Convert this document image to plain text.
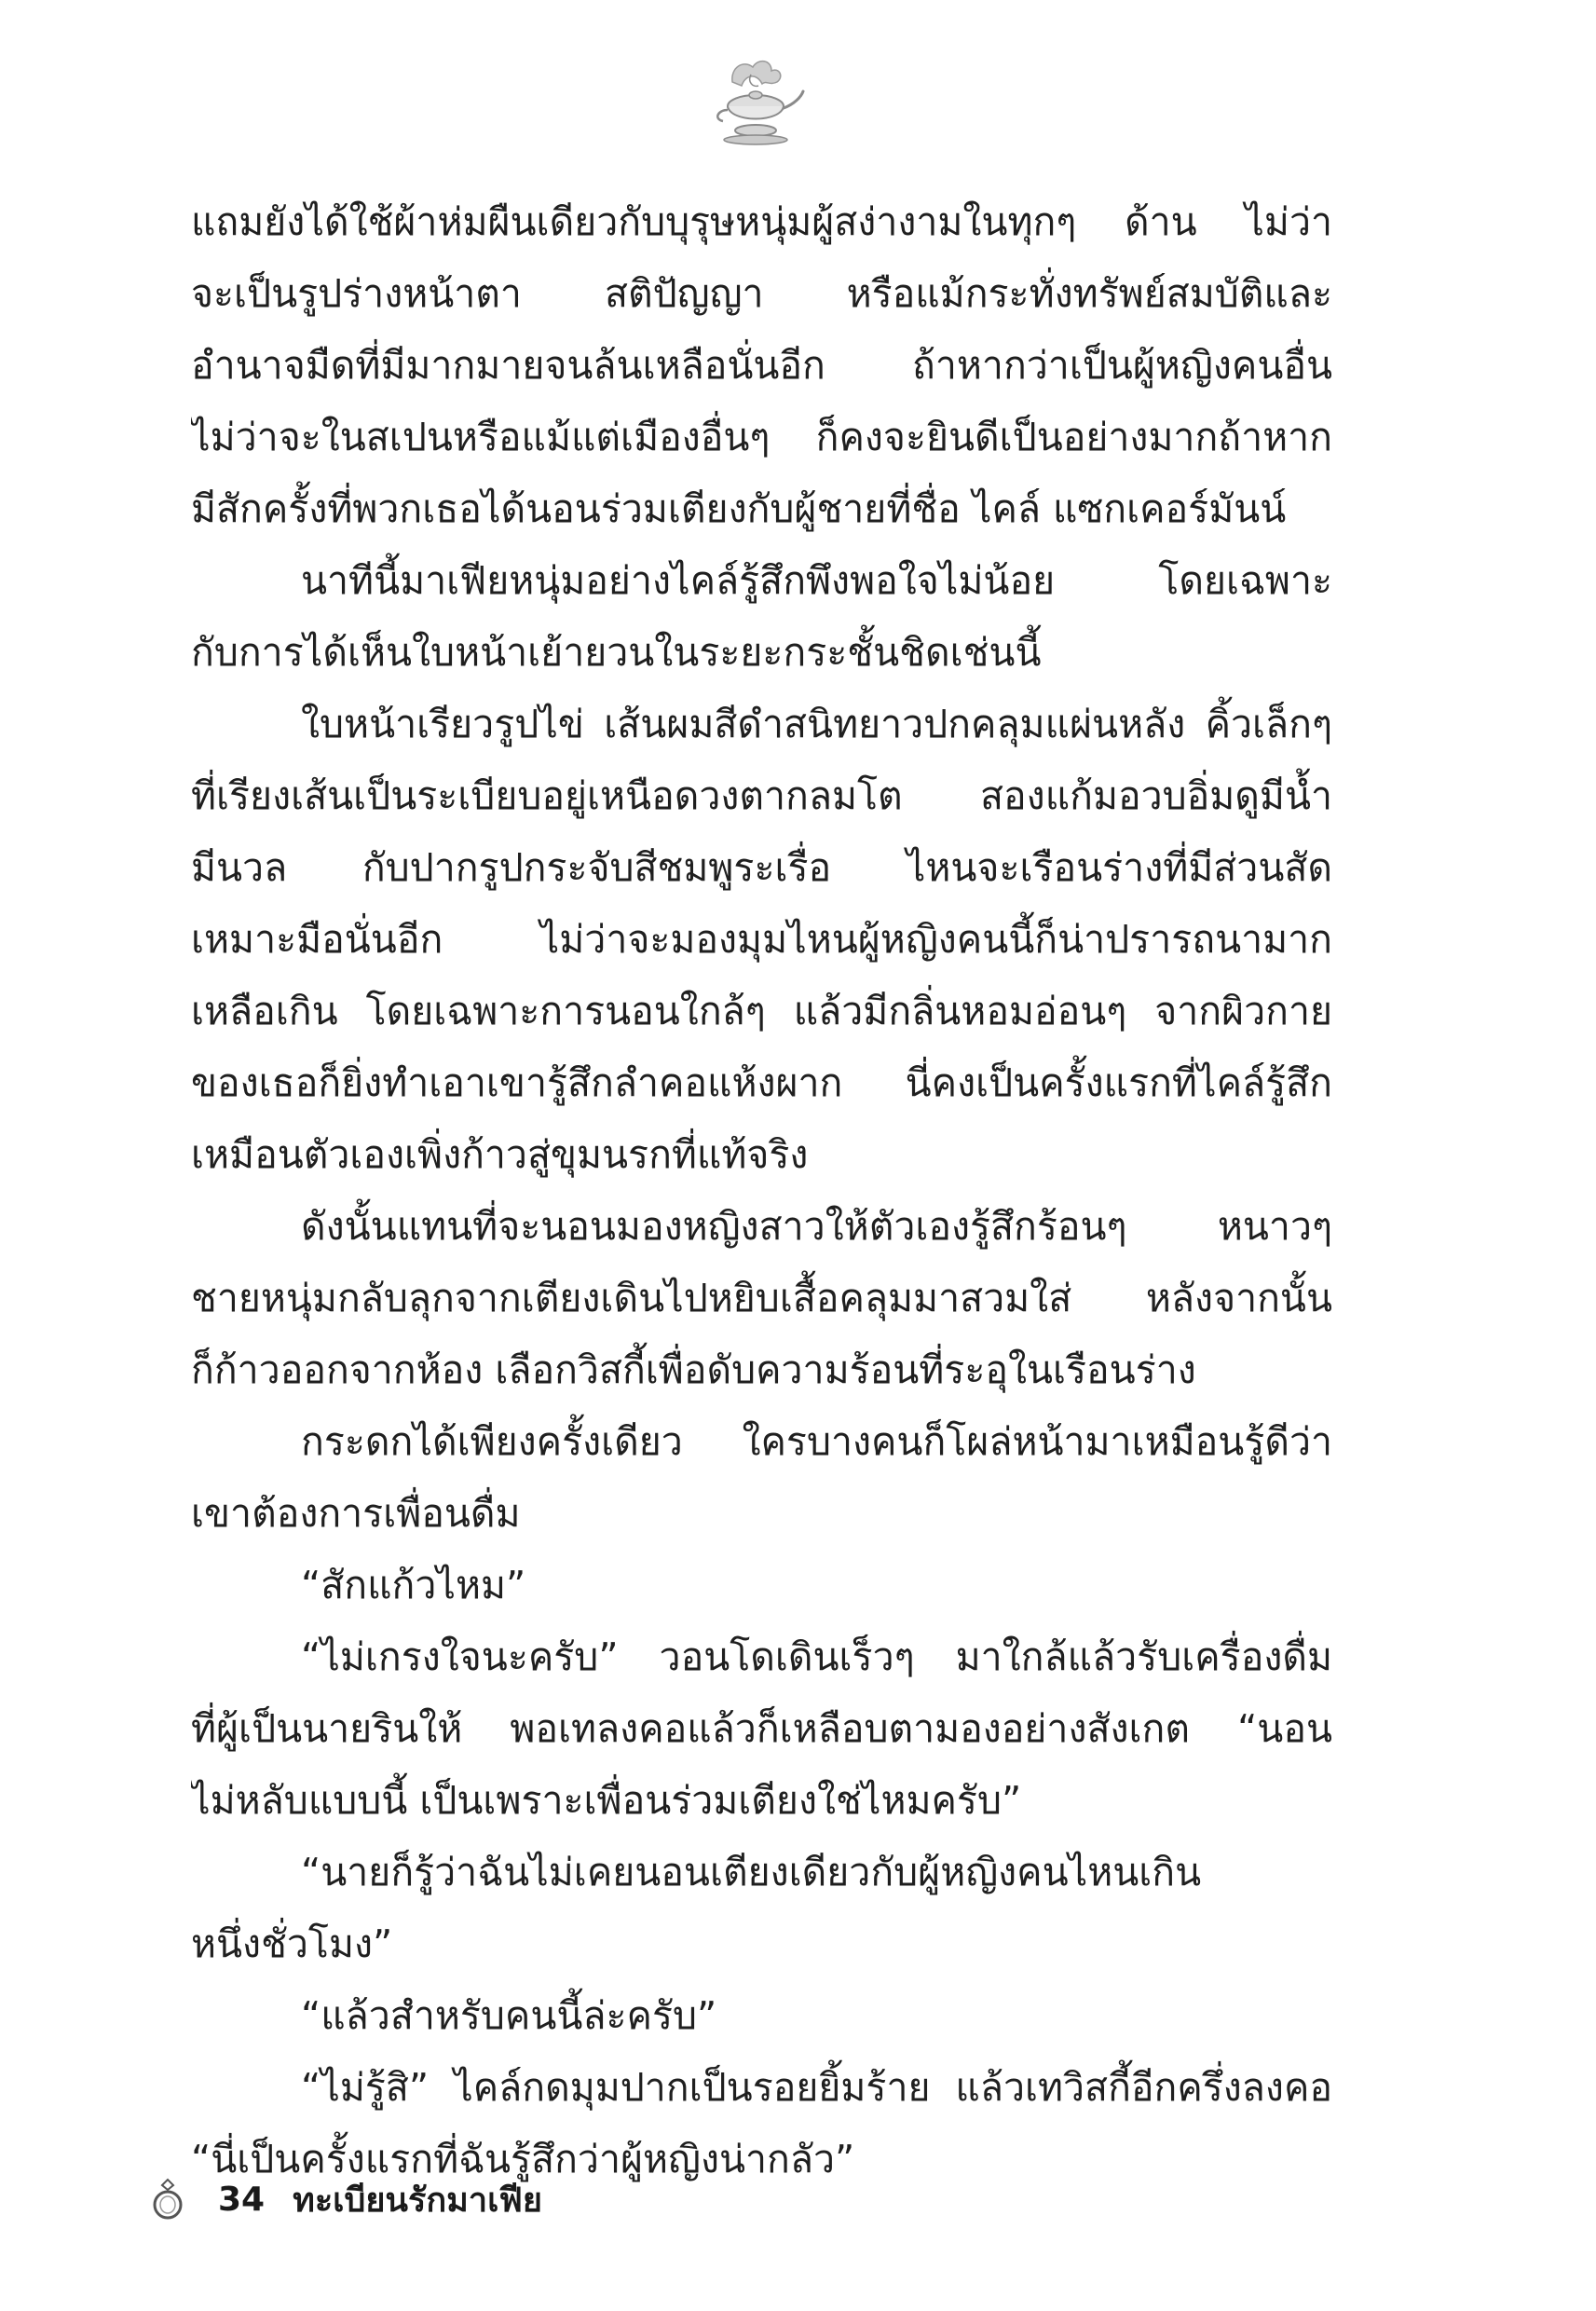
แถมยังได้ใช้ผ้าห่มผืนเดียวกับบุรุษหนุ่มผู้สง่างามในทุกๆ ด้าน ไม่ว่า
จะเป็นรูปร่างหน้าตา สติปัญญา หรือแม้กระทั่งทรัพย์สมบัติและ
อำนาจมืดที่มีมากมายจนล้นเหลือนั่นอีก ถ้าหากว่าเป็นผู้หญิงคนอื่น
ไม่ว่าจะในสเปนหรือแม้แต่เมืองอื่นๆ ก็คงจะยินดีเป็นอย่างมากถ้าหาก
มีสักครั้งที่พวกเธอได้นอนร่วมเตียงกับผู้ชายที่ชื่อ ไคล์ แซกเคอร์มันน์
นาทีนี้มาเฟียหนุ่มอย่างไคล์รู้สึกพึงพอใจไม่น้อย โดยเฉพาะ
กับการได้เห็นใบหน้าเย้ายวนในระยะกระชั้นชิดเช่นนี้
ใบหน้าเรียวรูปไข่ เส้นผมสีดำสนิทยาวปกคลุมแผ่นหลัง คิ้วเล็กๆ
ที่เรียงเส้นเป็นระเบียบอยู่เหนือดวงตากลมโต สองแก้มอวบอิ่มดูมีน้ำ
มีนวล กับปากรูปกระจับสีชมพูระเรื่อ ไหนจะเรือนร่างที่มีส่วนสัด
เหมาะมือนั่นอีก ไม่ว่าจะมองมุมไหนผู้หญิงคนนี้ก็น่าปรารถนามาก
เหลือเกิน โดยเฉพาะการนอนใกล้ๆ แล้วมีกลิ่นหอมอ่อนๆ จากผิวกาย
ของเธอก็ยิ่งทำเอาเขารู้สึกลำคอแห้งผาก นี่คงเป็นครั้งแรกที่ไคล์รู้สึก
เหมือนตัวเองเพิ่งก้าวสู่ขุมนรกที่แท้จริง
ดังนั้นแทนที่จะนอนมองหญิงสาวให้ตัวเองรู้สึกร้อนๆ หนาวๆ
ชายหนุ่มกลับลุกจากเตียงเดินไปหยิบเสื้อคลุมมาสวมใส่ หลังจากนั้น
ก็ก้าวออกจากห้อง เลือกวิสกี้เพื่อดับความร้อนที่ระอุในเรือนร่าง
กระดกได้เพียงครั้งเดียว ใครบางคนก็โผล่หน้ามาเหมือนรู้ดีว่า
เขาต้องการเพื่อนดื่ม
“สักแก้วไหม”
“ไม่เกรงใจนะครับ” วอนโดเดินเร็วๆ มาใกล้แล้วรับเครื่องดื่ม
ที่ผู้เป็นนายรินให้ พอเทลงคอแล้วก็เหลือบตามองอย่างสังเกต “นอน
ไม่หลับแบบนี้ เป็นเพราะเพื่อนร่วมเตียงใช่ไหมครับ”
“นายก็รู้ว่าฉันไม่เคยนอนเตียงเดียวกับผู้หญิงคนไหนเกิน
หนึ่งชั่วโมง”
“แล้วสำหรับคนนี้ล่ะครับ”
“ไม่รู้สิ” ไคล์กดมุมปากเป็นรอยยิ้มร้าย แล้วเทวิสกี้อีกครึ่งลงคอ
“นี่เป็นครั้งแรกที่ฉันรู้สึกว่าผู้หญิงน่ากลัว”
34 ทะเบียนรักมาเฟีย
